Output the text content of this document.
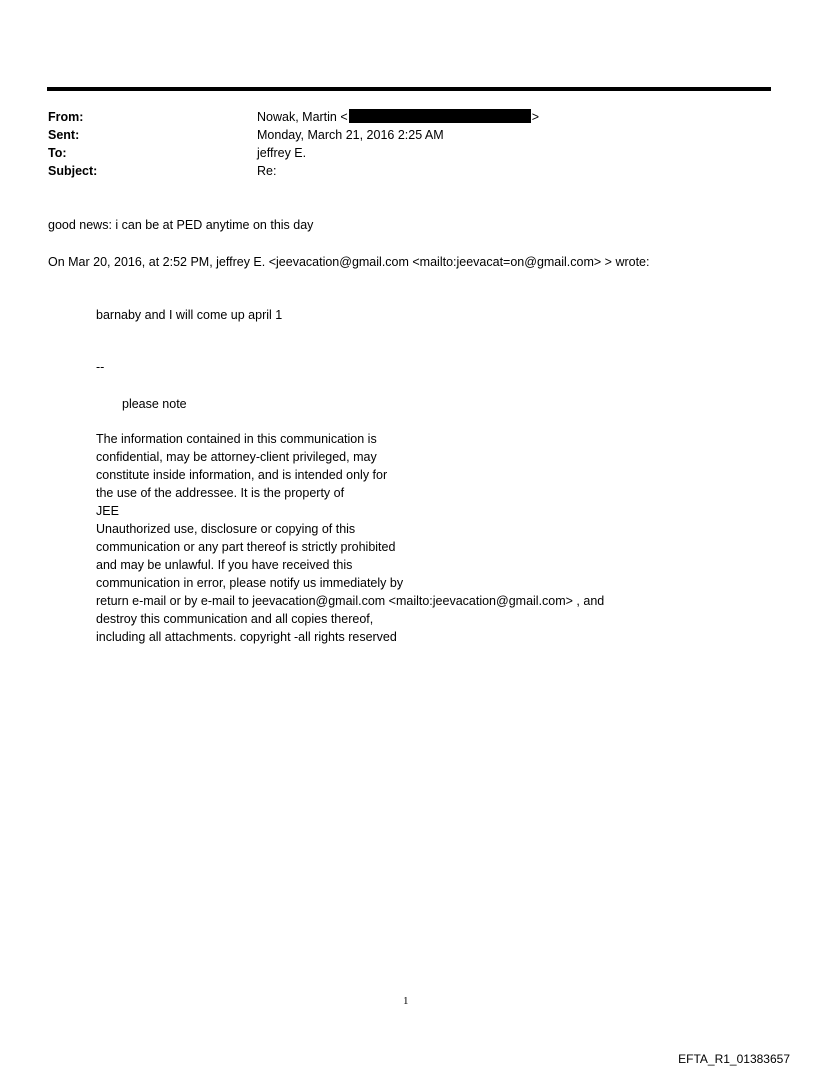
From:	Nowak, Martin <	>
Sent:	Monday, March 21, 2016 2:25 AM
To:	jeffrey E.
Subject:	Re:
good news: i can be at PED anytime on this day
On Mar 20, 2016, at 2:52 PM, jeffrey E. <jeevacation@gmail.com <mailto:jeevacat=on@gmail.com> > wrote:
barnaby and I will come up april 1
--
please note
The information contained in this communication is
confidential, may be attorney-client privileged, may
constitute inside information, and is intended only for
the use of the addressee. It is the property of
JEE
Unauthorized use, disclosure or copying of this
communication or any part thereof is strictly prohibited
and may be unlawful. If you have received this
communication in error, please notify us immediately by
return e-mail or by e-mail to jeevacation@gmail.com <mailto:jeevacation@gmail.com> , and
destroy this communication and all copies thereof,
including all attachments. copyright -all rights reserved
1
EFTA_R1_01383657
